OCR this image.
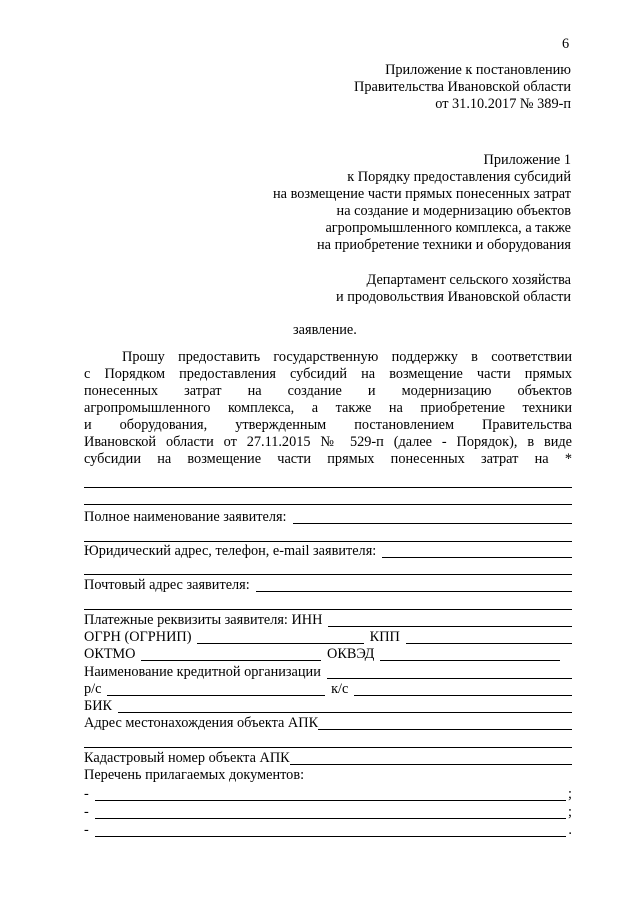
6
Приложение к постановлению
Правительства Ивановской области
от 31.10.2017 № 389-п
Приложение 1
к Порядку предоставления субсидий
на возмещение части прямых понесенных затрат
на создание и модернизацию объектов
агропромышленного комплекса, а также
на приобретение техники и оборудования
Департамент сельского хозяйства
и продовольствия Ивановской области
заявление.
Прошу предоставить государственную поддержку в соответствии
с Порядком предоставления субсидий на возмещение части прямых
понесенных затрат на создание и модернизацию объектов
агропромышленного комплекса, а также на приобретение техники
и оборудования, утвержденным постановлением Правительства
Ивановской области от 27.11.2015 № 529-п (далее - Порядок), в виде
субсидии на возмещение части прямых понесенных затрат на *
Полное наименование заявителя:
Юридический адрес, телефон, e-mail заявителя:
Почтовый адрес заявителя:
Платежные реквизиты заявителя: ИНН
ОГРН (ОГРНИП)	КПП
ОКТМО	ОКВЭД
Наименование кредитной организации
р/с	к/с
БИК
Адрес местонахождения объекта АПК
Кадастровый номер объекта АПК
Перечень прилагаемых документов:
-	;
-	;
-	.
